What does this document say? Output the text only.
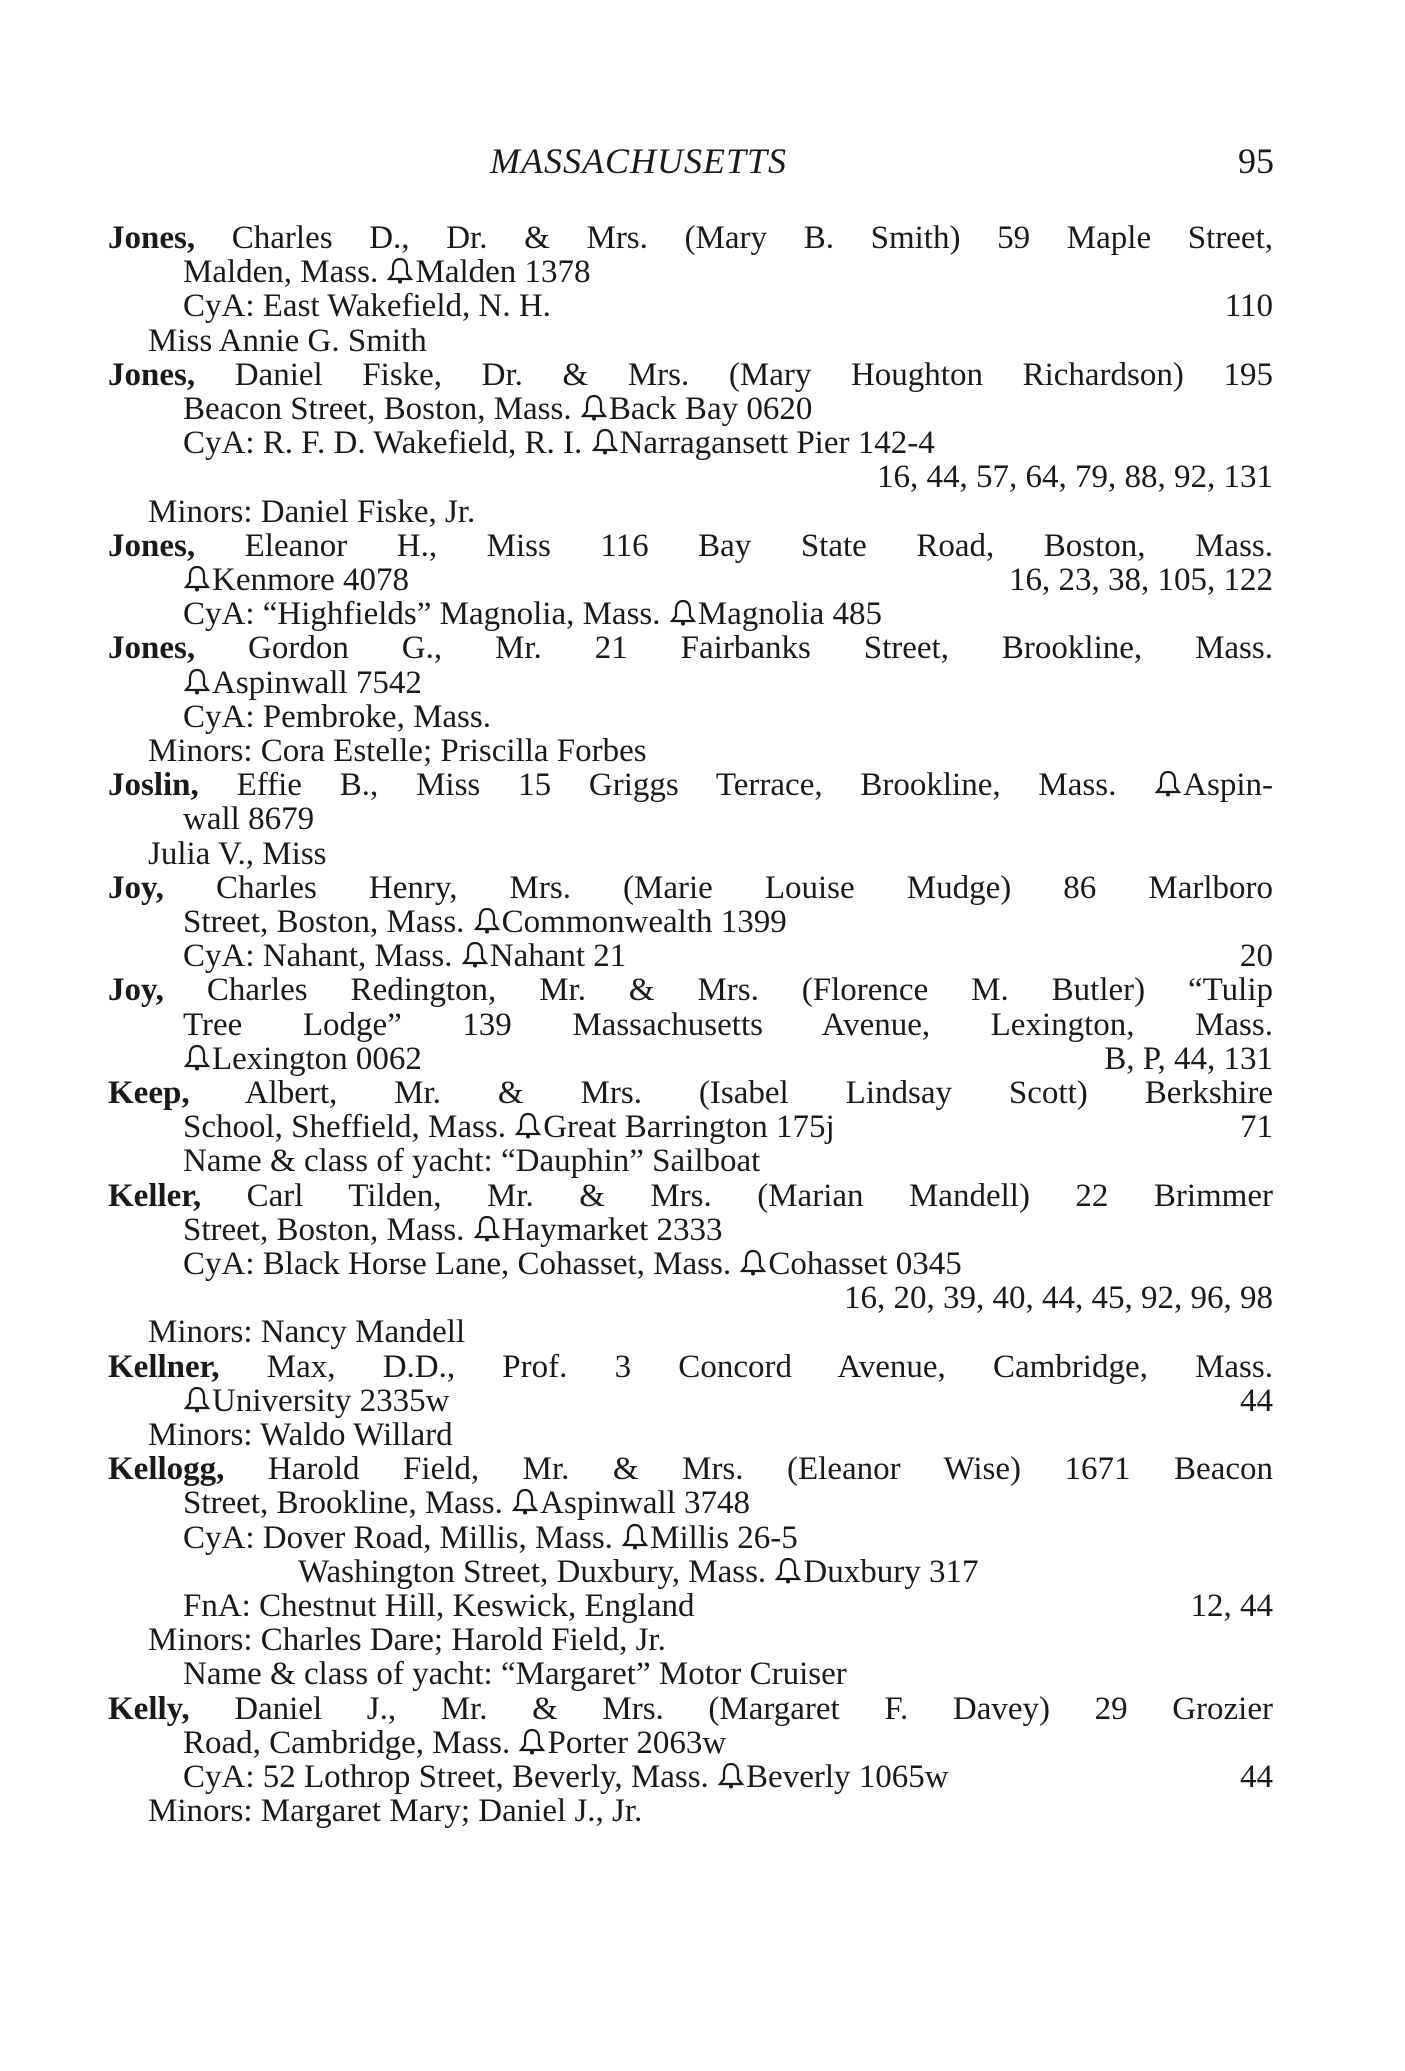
MASSACHUSETTS	95
Jones, Charles D., Dr. & Mrs. (Mary B. Smith) 59 Maple Street,
Malden, Mass. Malden 1378
CyA: East Wakefield, N. H.	110
Miss Annie G. Smith
Jones, Daniel Fiske, Dr. & Mrs. (Mary Houghton Richardson) 195
Beacon Street, Boston, Mass. Back Bay 0620
CyA: R. F. D. Wakefield, R. I. Narragansett Pier 142-4
16, 44, 57, 64, 79, 88, 92, 131
Minors: Daniel Fiske, Jr.
Jones, Eleanor H., Miss 116 Bay State Road, Boston, Mass.
Kenmore 4078	16, 23, 38, 105, 122
CyA: “Highfields” Magnolia, Mass. Magnolia 485
Jones, Gordon G., Mr. 21 Fairbanks Street, Brookline, Mass.
Aspinwall 7542
CyA: Pembroke, Mass.
Minors: Cora Estelle; Priscilla Forbes
Joslin, Effie B., Miss 15 Griggs Terrace, Brookline, Mass. Aspin-
wall 8679
Julia V., Miss
Joy, Charles Henry, Mrs. (Marie Louise Mudge) 86 Marlboro
Street, Boston, Mass. Commonwealth 1399
CyA: Nahant, Mass. Nahant 21	20
Joy, Charles Redington, Mr. & Mrs. (Florence M. Butler) “Tulip
Tree Lodge” 139 Massachusetts Avenue, Lexington, Mass.
Lexington 0062	B, P, 44, 131
Keep, Albert, Mr. & Mrs. (Isabel Lindsay Scott) Berkshire
School, Sheffield, Mass. Great Barrington 175j	71
Name & class of yacht: “Dauphin” Sailboat
Keller, Carl Tilden, Mr. & Mrs. (Marian Mandell) 22 Brimmer
Street, Boston, Mass. Haymarket 2333
CyA: Black Horse Lane, Cohasset, Mass. Cohasset 0345
16, 20, 39, 40, 44, 45, 92, 96, 98
Minors: Nancy Mandell
Kellner, Max, D.D., Prof. 3 Concord Avenue, Cambridge, Mass.
University 2335w	44
Minors: Waldo Willard
Kellogg, Harold Field, Mr. & Mrs. (Eleanor Wise) 1671 Beacon
Street, Brookline, Mass. Aspinwall 3748
CyA: Dover Road, Millis, Mass. Millis 26-5
Washington Street, Duxbury, Mass. Duxbury 317
FnA: Chestnut Hill, Keswick, England	12, 44
Minors: Charles Dare; Harold Field, Jr.
Name & class of yacht: “Margaret” Motor Cruiser
Kelly, Daniel J., Mr. & Mrs. (Margaret F. Davey) 29 Grozier
Road, Cambridge, Mass. Porter 2063w
CyA: 52 Lothrop Street, Beverly, Mass. Beverly 1065w	44
Minors: Margaret Mary; Daniel J., Jr.
